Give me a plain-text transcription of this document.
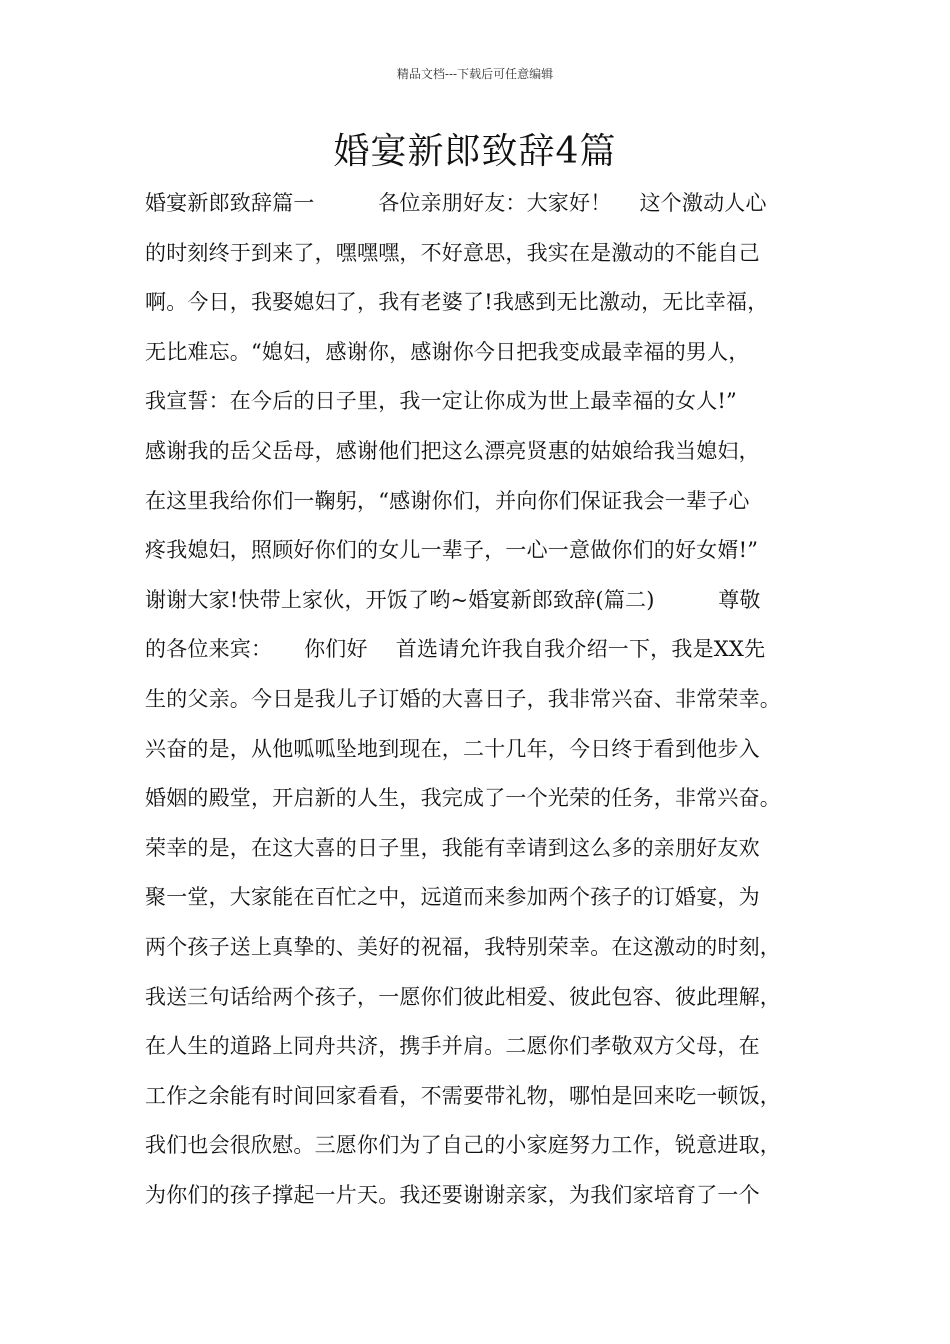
精品文档---下载后可任意编辑
婚宴新郎致辞4篇
婚宴新郎致辞篇一　　　各位亲朋好友：大家好！　 这个激动人心
的时刻终于到来了，嘿嘿嘿，不好意思，我实在是激动的不能自己
啊。今日，我娶媳妇了，我有老婆了!我感到无比激动，无比幸福，
无比难忘。“媳妇，感谢你，感谢你今日把我变成最幸福的男人，
我宣誓：在今后的日子里，我一定让你成为世上最幸福的女人!”
感谢我的岳父岳母，感谢他们把这么漂亮贤惠的姑娘给我当媳妇，
在这里我给你们一鞠躬，“感谢你们，并向你们保证我会一辈子心
疼我媳妇，照顾好你们的女儿一辈子，一心一意做你们的好女婿!”
谢谢大家!快带上家伙，开饭了哟~婚宴新郎致辞(篇二)　　　尊敬
的各位来宾：　　你们好　 首选请允许我自我介绍一下，我是XX先
生的父亲。今日是我儿子订婚的大喜日子，我非常兴奋、非常荣幸。
兴奋的是，从他呱呱坠地到现在，二十几年，今日终于看到他步入
婚姻的殿堂，开启新的人生，我完成了一个光荣的任务，非常兴奋。
荣幸的是，在这大喜的日子里，我能有幸请到这么多的亲朋好友欢
聚一堂，大家能在百忙之中，远道而来参加两个孩子的订婚宴，为
两个孩子送上真挚的、美好的祝福，我特别荣幸。在这激动的时刻，
我送三句话给两个孩子，一愿你们彼此相爱、彼此包容、彼此理解，
在人生的道路上同舟共济，携手并肩。二愿你们孝敬双方父母，在
工作之余能有时间回家看看，不需要带礼物，哪怕是回来吃一顿饭，
我们也会很欣慰。三愿你们为了自己的小家庭努力工作，锐意进取，
为你们的孩子撑起一片天。我还要谢谢亲家，为我们家培育了一个
